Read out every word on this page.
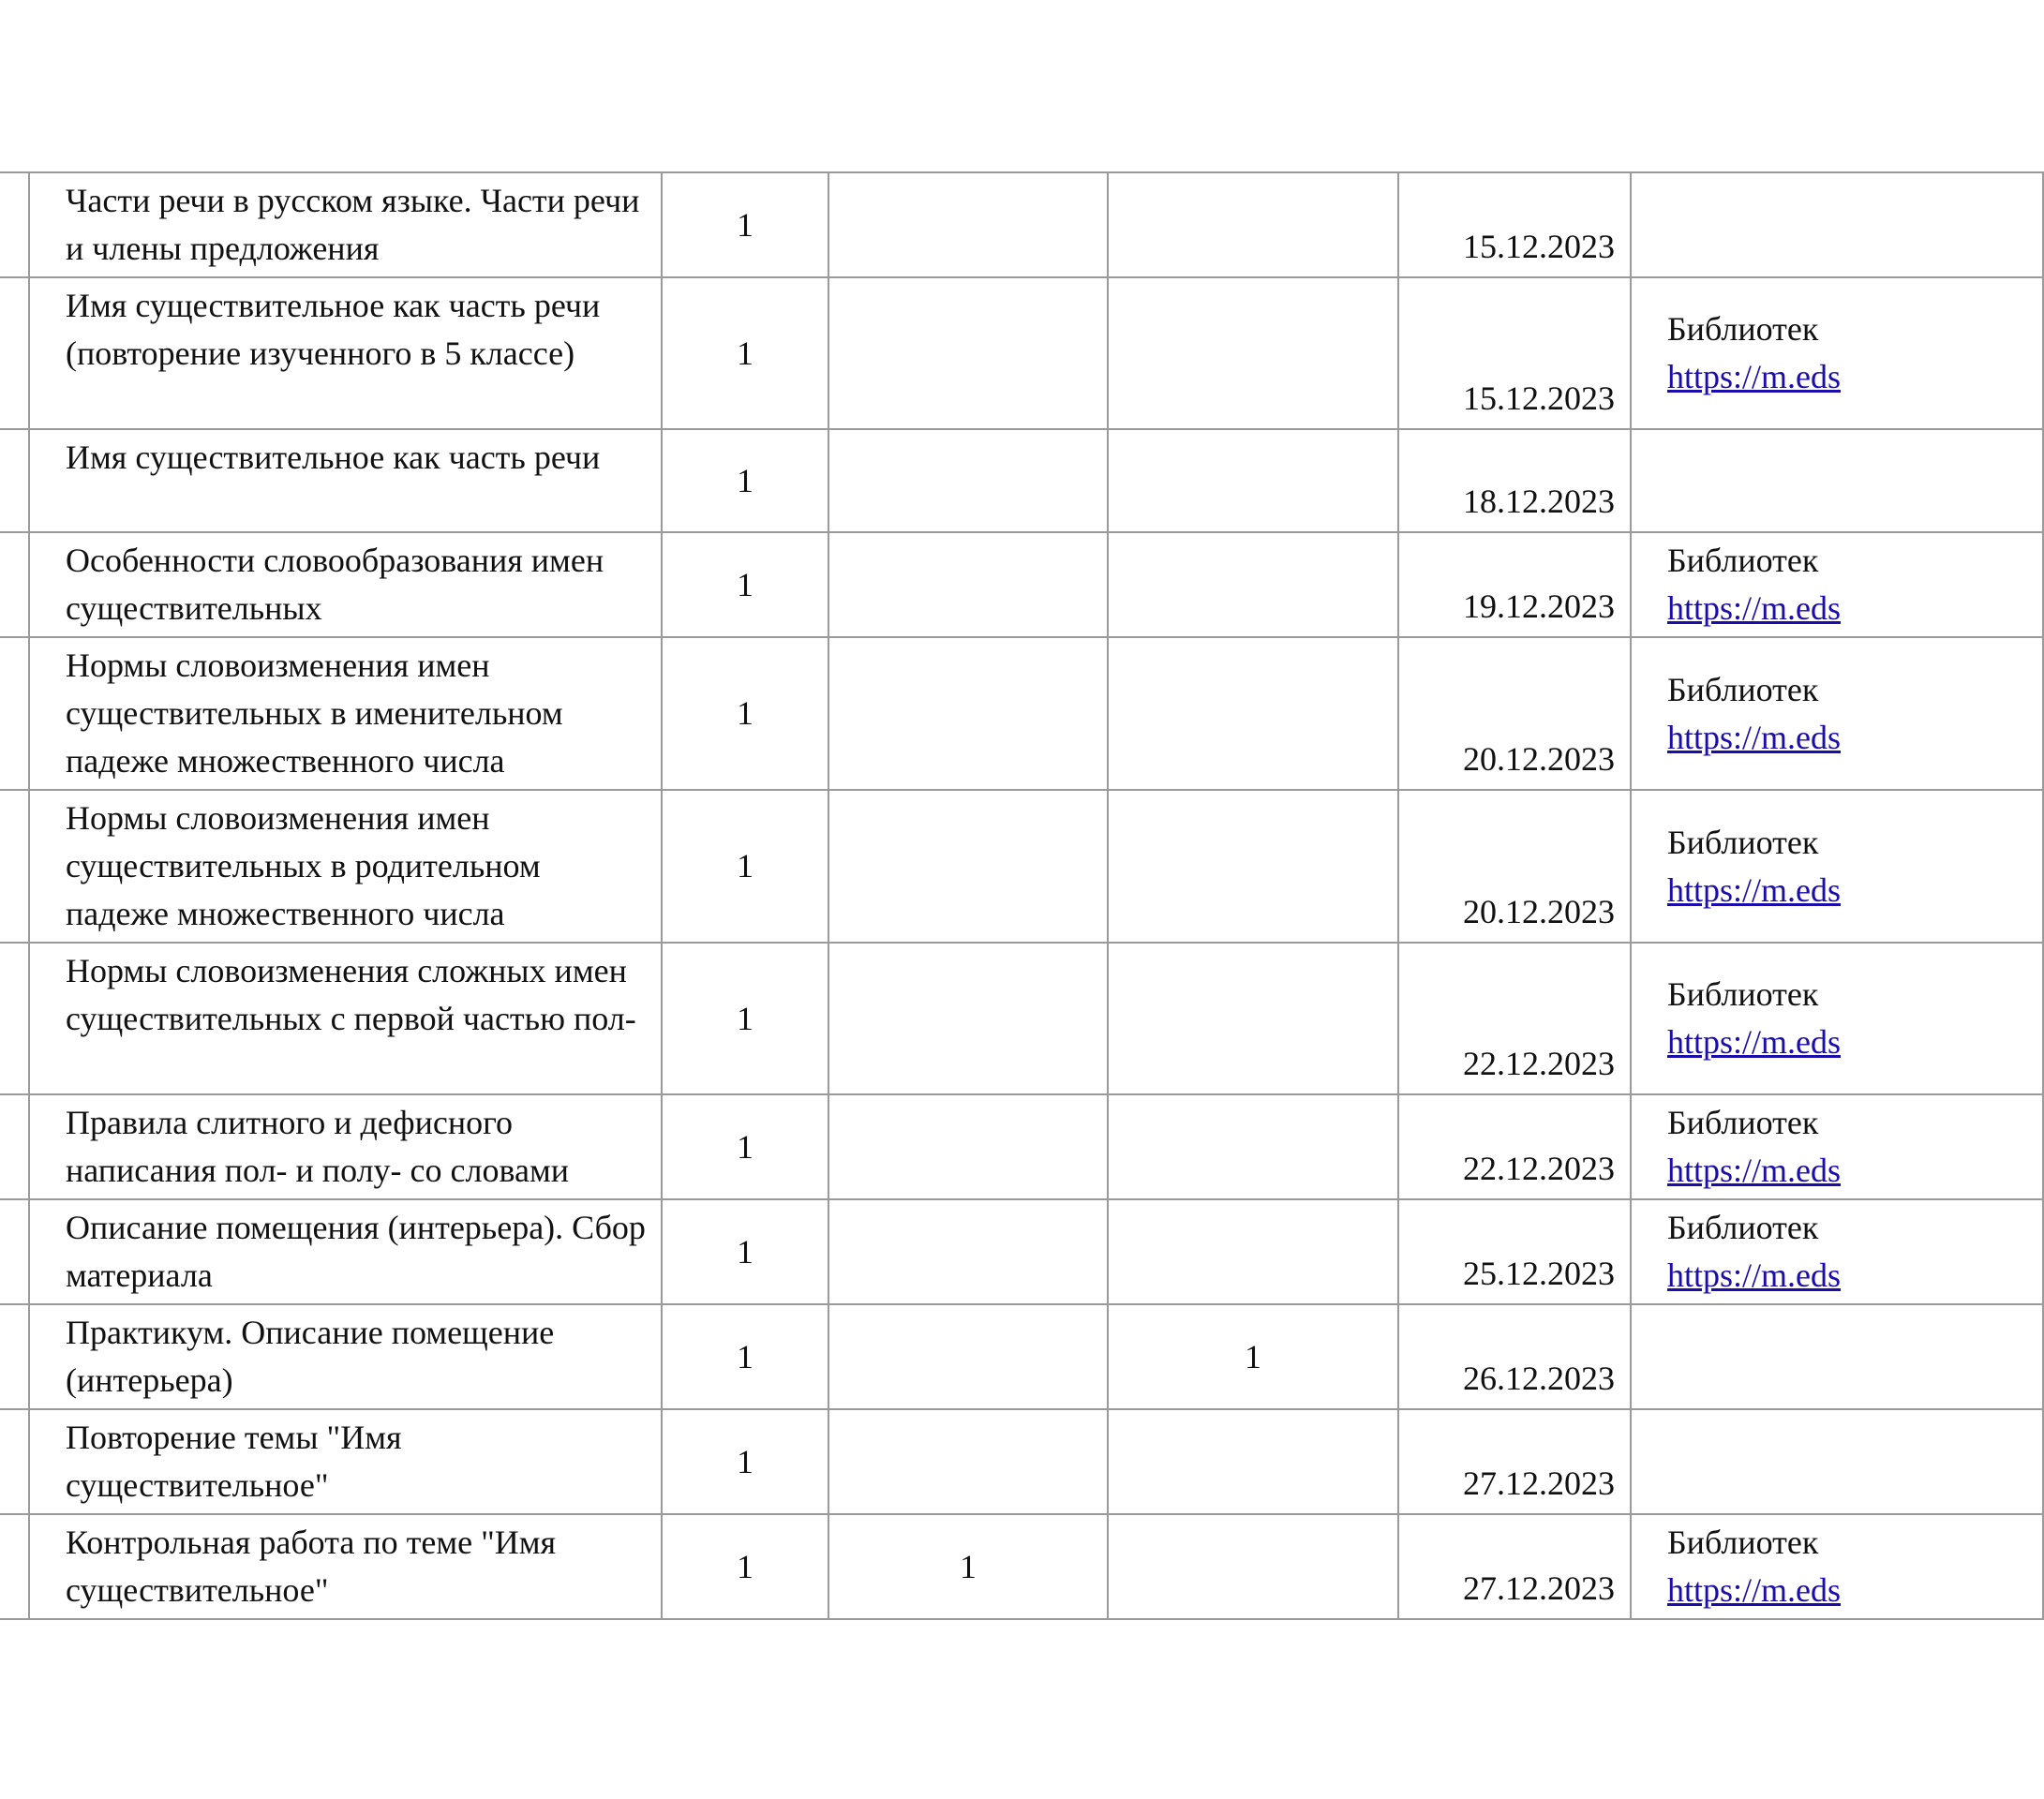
	Части речи в русском языке. Части речи и члены предложения	1			15.12.2023	

	Имя существительное как часть речи (повторение изученного в 5 классе)	1			15.12.2023	Библиотек
https://m.eds

	Имя существительное как часть речи	1			18.12.2023	

	Особенности словообразования имен существительных	1			19.12.2023	Библиотек
https://m.eds

	Нормы словоизменения имен существительных в именительном падеже множественного числа	1			20.12.2023	Библиотек
https://m.eds

	Нормы словоизменения имен существительных в родительном падеже множественного числа	1			20.12.2023	Библиотек
https://m.eds

	Нормы словоизменения сложных имен существительных с первой частью пол-	1			22.12.2023	Библиотек
https://m.eds

	Правила слитного и дефисного написания пол- и полу- со словами	1			22.12.2023	Библиотек
https://m.eds

	Описание помещения (интерьера). Сбор материала	1			25.12.2023	Библиотек
https://m.eds

	Практикум. Описание помещение (интерьера)	1		1	26.12.2023	

	Повторение темы "Имя существительное"	1			27.12.2023	

	Контрольная работа по теме "Имя существительное"	1	1		27.12.2023	Библиотек
https://m.eds
